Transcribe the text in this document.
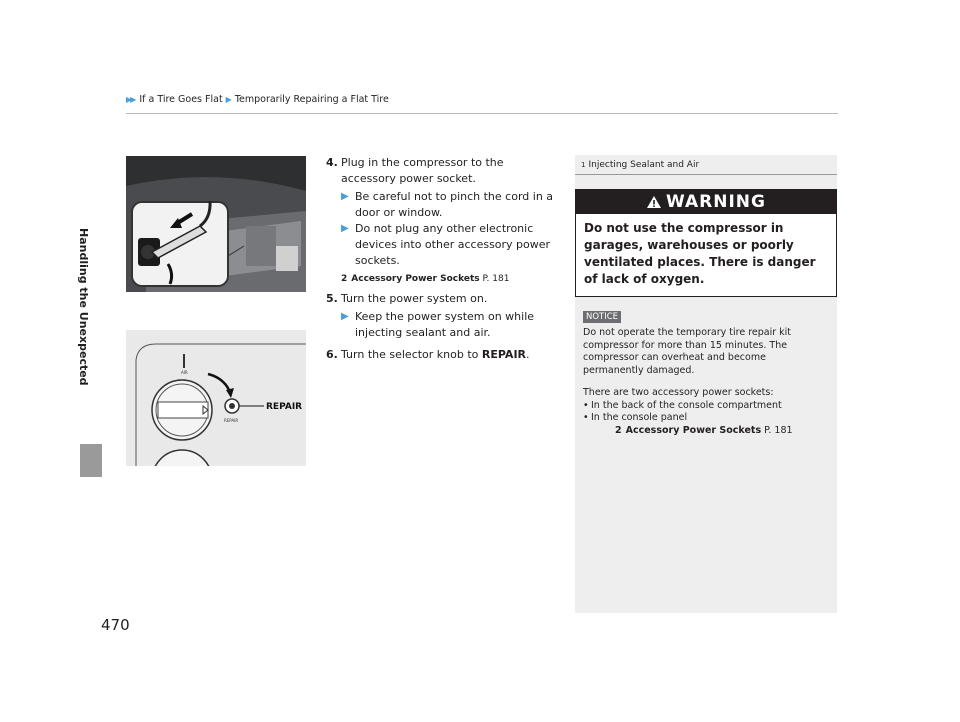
▶▶ If a Tire Goes Flat ▶ Temporarily Repairing a Flat Tire
Handling the Unexpected
470
AIR
REPAIR
REPAIR
4. Plug in the compressor to the accessory power socket.
▶ Be careful not to pinch the cord in a door or window.
▶ Do not plug any other electronic devices into other accessory power sockets.
2 Accessory Power Sockets P. 181
5. Turn the power system on.
▶ Keep the power system on while injecting sealant and air.
6. Turn the selector knob to REPAIR.
1 Injecting Sealant and Air
WARNING
Do not use the compressor in garages, warehouses or poorly ventilated places. There is danger of lack of oxygen.
NOTICE

Do not operate the temporary tire repair kit compressor for more than 15 minutes. The compressor can overheat and become permanently damaged.

There are two accessory power sockets:
• In the back of the console compartment
• In the console panel
2 Accessory Power Sockets P. 181
